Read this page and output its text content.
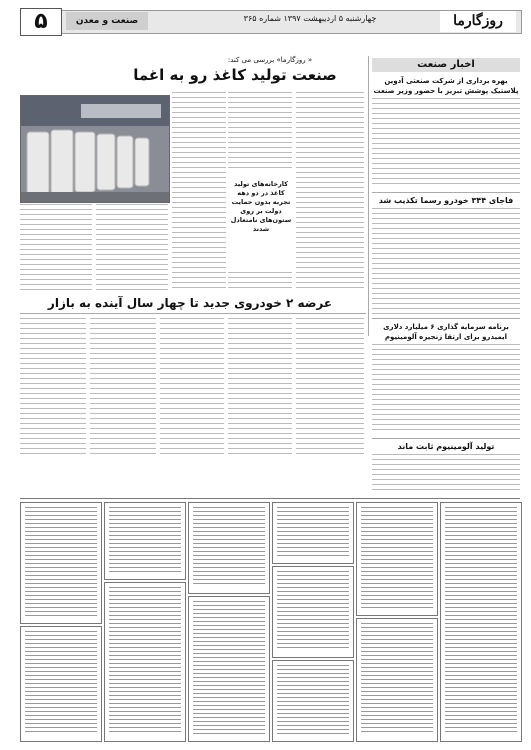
۵	صنعت و معدن	چهارشنبه ۵ اردیبهشت ۱۳۹۷ شماره ۳۶۵	روزگارما
اخبار صنعت
بهره برداری از شرکت صنعتی آدوین پلاستیک پوشش تبریز با حضور وزیر صنعت
فاجای ۳۴۴ خودرو رسما تکذیب شد
« روزگارما» بررسی می کند:
صنعت تولید کاغذ رو به اغما
کارخانه‌های تولید کاغذ در دو دهه تجربه بدون حمایت دولت بر روی ستون‌های نامتعادل شدند
عرضه ۲ خودروی جدید تا چهار سال آینده به بازار
برنامه سرمایه گذاری ۶ میلیارد دلاری ایمیدرو برای ارتقا زنجیره آلومینیوم
تولید آلومینیوم ثابت ماند
